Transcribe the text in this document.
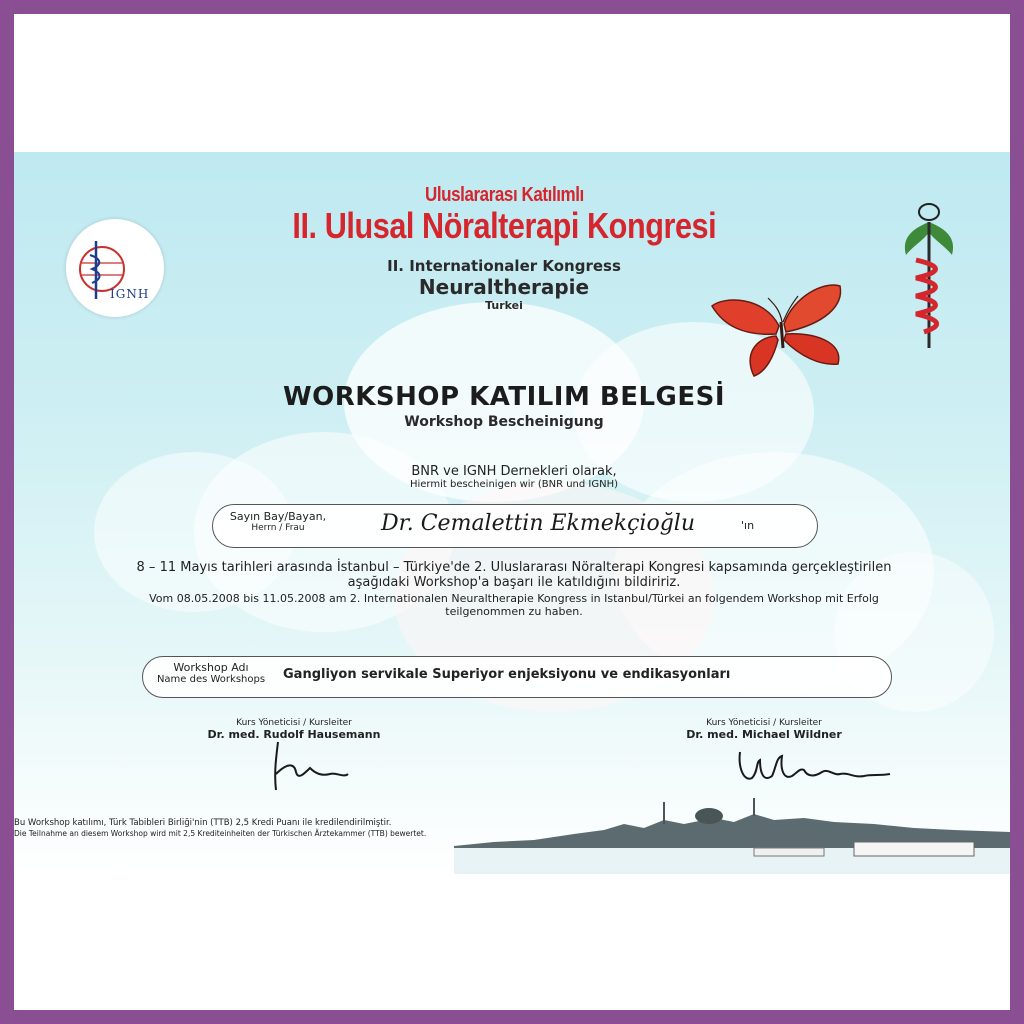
IGNH
Uluslararası Katılımlı II. Ulusal Nöralterapi Kongresi
II. Internationaler Kongress
Neuraltherapie
Turkei
WORKSHOP KATILIM BELGESİ
Workshop Bescheinigung
BNR ve IGNH Dernekleri olarak,
Hiermit bescheinigen wir (BNR und IGNH)
Sayın Bay/Bayan,
Herrn / Frau	Dr. Cemalettin Ekmekçioğlu	'ın
8 – 11 Mayıs tarihleri arasında İstanbul – Türkiye'de 2. Uluslararası Nöralterapi Kongresi kapsamında gerçekleştirilen
aşağıdaki Workshop'a başarı ile katıldığını bildiririz.
Vom 08.05.2008 bis 11.05.2008 am 2. Internationalen Neuraltherapie Kongress in Istanbul/Türkei an folgendem Workshop mit Erfolg
teilgenommen zu haben.
Workshop Adı
Name des Workshops	Gangliyon servikale Superiyor enjeksiyonu ve endikasyonları
Kurs Yöneticisi / Kursleiter
Dr. med. Rudolf Hausemann
Kurs Yöneticisi / Kursleiter
Dr. med. Michael Wildner
Bu Workshop katılımı, Türk Tabibleri Birliği'nin (TTB) 2,5 Kredi Puanı ile kredilendirilmiştir.
Die Teilnahme an diesem Workshop wird mit 2,5 Krediteinheiten der Türkischen Ärztekammer (TTB) bewertet.
